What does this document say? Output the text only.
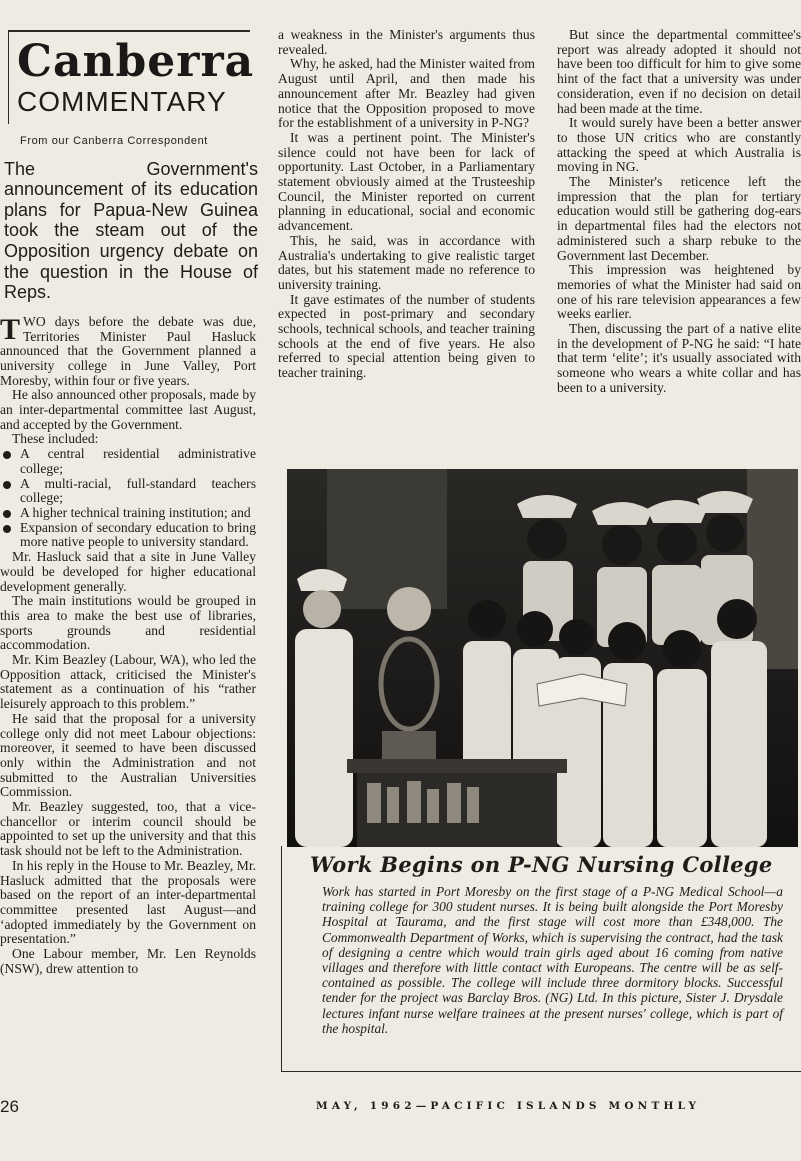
Canberra
COMMENTARY
From our Canberra Correspondent
The Government's announcement of its education plans for Papua-New Guinea took the steam out of the Opposition urgency debate on the question in the House of Reps.

TWO days before the debate was due, Territories Minister Paul Hasluck announced that the Government planned a university college in June Valley, Port Moresby, within four or five years.

He also announced other proposals, made by an inter-departmental committee last August, and accepted by the Government.

These included:

A central residential administrative college;
A multi-racial, full-standard teachers college;
A higher technical training institution; and
Expansion of secondary education to bring more native people to university standard.

Mr. Hasluck said that a site in June Valley would be developed for higher educational development generally.

The main institutions would be grouped in this area to make the best use of libraries, sports grounds and residential accommodation.

Mr. Kim Beazley (Labour, WA), who led the Opposition attack, criticised the Minister's statement as a continuation of his “rather leisurely approach to this problem.”

He said that the proposal for a university college only did not meet Labour objections: moreover, it seemed to have been discussed only within the Administration and not submitted to the Australian Universities Commission.

Mr. Beazley suggested, too, that a vice-chancellor or interim council should be appointed to set up the university and that this task should not be left to the Administration.

In his reply in the House to Mr. Beazley, Mr. Hasluck admitted that the proposals were based on the report of an inter-departmental committee presented last August—and ‘adopted immediately by the Government on presentation.”

One Labour member, Mr. Len Reynolds (NSW), drew attention to

a weakness in the Minister's arguments thus revealed.

Why, he asked, had the Minister waited from August until April, and then made his announcement after Mr. Beazley had given notice that the Opposition proposed to move for the establishment of a university in P-NG?

It was a pertinent point. The Minister's silence could not have been for lack of opportunity. Last October, in a Parliamentary statement obviously aimed at the Trusteeship Council, the Minister reported on current planning in educational, social and economic advancement.

This, he said, was in accordance with Australia's undertaking to give realistic target dates, but his statement made no reference to university training.

It gave estimates of the number of students expected in post-primary and secondary schools, technical schools, and teacher training schools at the end of five years. He also referred to special attention being given to teacher training.

But since the departmental committee's report was already adopted it should not have been too difficult for him to give some hint of the fact that a university was under consideration, even if no decision on detail had been made at the time.

It would surely have been a better answer to those UN critics who are constantly attacking the speed at which Australia is moving in NG.

The Minister's reticence left the impression that the plan for tertiary education would still be gathering dog-ears in departmental files had the electors not administered such a sharp rebuke to the Government last December.

This impression was heightened by memories of what the Minister had said on one of his rare television appearances a few weeks earlier.

Then, discussing the part of a native elite in the development of P-NG he said: “I hate that term ‘elite’; it's usually associated with someone who wears a white collar and has been to a university.

Work Begins on P-NG Nursing College
Work has started in Port Moresby on the first stage of a P-NG Medical School—a training college for 300 student nurses. It is being built alongside the Port Moresby Hospital at Taurama, and the first stage will cost more than £348,000. The Commonwealth Department of Works, which is supervising the contract, had the task of designing a centre which would train girls aged about 16 coming from native villages and therefore with little contact with Europeans. The centre will be as self-contained as possible. The college will include three dormitory blocks. Successful tender for the project was Barclay Bros. (NG) Ltd. In this picture, Sister J. Drysdale lectures infant nurse welfare trainees at the present nurses' college, which is part of the hospital.
26	MAY, 1962—PACIFIC ISLANDS MONTHLY
